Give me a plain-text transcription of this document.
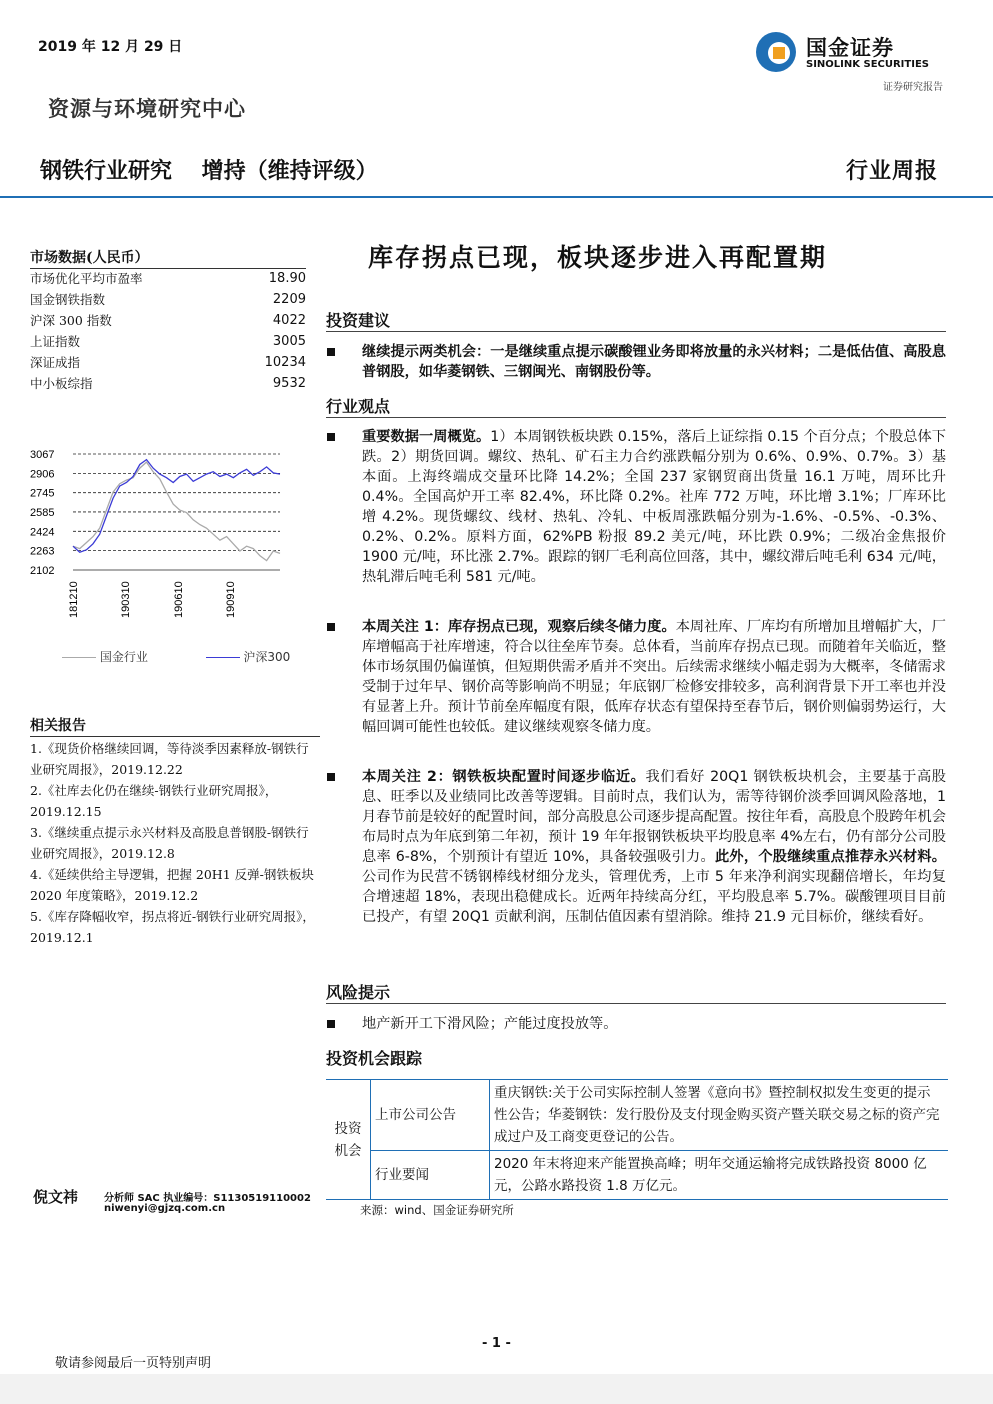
2019 年 12 月 29 日	国金证券
SINOLINK SECURITIES
证券研究报告
资源与环境研究中心
钢铁行业研究　 增持（维持评级）	行业周报
市场数据(人民币）
市场优化平均市盈率	18.90
国金钢铁指数	2209
沪深 300 指数	4022
上证指数	3005
深证成指	10234
中小板综指	9532
3067
2906
2745
2585
2424
2263
2102
181210	190310	190610	190910
国金行业	沪深300
相关报告
1.《现货价格继续回调，等待淡季因素释放-钢铁行业研究周报》，2019.12.22
2.《社库去化仍在继续-钢铁行业研究周报》，2019.12.15
3.《继续重点提示永兴材料及高股息普钢股-钢铁行业研究周报》，2019.12.8
4.《延续供给主导逻辑，把握 20H1 反弹-钢铁板块 2020 年度策略》，2019.12.2
5.《库存降幅收窄，拐点将近-钢铁行业研究周报》，2019.12.1
倪文祎	分析师 SAC 执业编号：S1130519110002
niwenyi@gjzq.com.cn
库存拐点已现，板块逐步进入再配置期
投资建议
继续提示两类机会：一是继续重点提示碳酸锂业务即将放量的永兴材料；二是低估值、高股息普钢股，如华菱钢铁、三钢闽光、南钢股份等。
行业观点
重要数据一周概览。1）本周钢铁板块跌 0.15%，落后上证综指 0.15 个百分点；个股总体下跌。2）期货回调。螺纹、热轧、矿石主力合约涨跌幅分别为 0.6%、0.9%、0.7%。3）基本面。上海终端成交量环比降 14.2%；全国 237 家钢贸商出货量 16.1 万吨，周环比升 0.4%。全国高炉开工率 82.4%，环比降 0.2%。社库 772 万吨，环比增 3.1%；厂库环比增 4.2%。现货螺纹、线材、热轧、冷轧、中板周涨跌幅分别为-1.6%、-0.5%、-0.3%、0.2%、0.2%。原料方面，62%PB 粉报 89.2 美元/吨，环比跌 0.9%；二级冶金焦报价 1900 元/吨，环比涨 2.7%。跟踪的钢厂毛利高位回落，其中，螺纹滞后吨毛利 634 元/吨，热轧滞后吨毛利 581 元/吨。
本周关注 1：库存拐点已现，观察后续冬储力度。本周社库、厂库均有所增加且增幅扩大，厂库增幅高于社库增速，符合以往垒库节奏。总体看，当前库存拐点已现。而随着年关临近，整体市场氛围仍偏谨慎，但短期供需矛盾并不突出。后续需求继续小幅走弱为大概率，冬储需求受制于过年早、钢价高等影响尚不明显；年底钢厂检修安排较多，高利润背景下开工率也并没有显著上升。预计节前垒库幅度有限，低库存状态有望保持至春节后，钢价则偏弱势运行，大幅回调可能性也较低。建议继续观察冬储力度。
本周关注 2：钢铁板块配置时间逐步临近。我们看好 20Q1 钢铁板块机会，主要基于高股息、旺季以及业绩同比改善等逻辑。目前时点，我们认为，需等待钢价淡季回调风险落地，1 月春节前是较好的配置时间，部分高股息公司逐步提高配置。按往年看，高股息个股跨年机会布局时点为年底到第二年初，预计 19 年年报钢铁板块平均股息率 4%左右，仍有部分公司股息率 6-8%，个别预计有望近 10%，具备较强吸引力。此外，个股继续重点推荐永兴材料。公司作为民营不锈钢棒线材细分龙头，管理优秀，上市 5 年来净利润实现翻倍增长，年均复合增速超 18%，表现出稳健成长。近两年持续高分红，平均股息率 5.7%。碳酸锂项目目前已投产，有望 20Q1 贡献利润，压制估值因素有望消除。维持 21.9 元目标价，继续看好。
风险提示
地产新开工下滑风险；产能过度投放等。
投资机会跟踪
投资机会	上市公司公告	重庆钢铁:关于公司实际控制人签署《意向书》暨控制权拟发生变更的提示性公告；华菱钢铁：发行股份及支付现金购买资产暨关联交易之标的资产完成过户及工商变更登记的公告。
	行业要闻	2020 年末将迎来产能置换高峰；明年交通运输将完成铁路投资 8000 亿元，公路水路投资 1.8 万亿元。
来源：wind、国金证券研究所
- 1 -
敬请参阅最后一页特别声明
